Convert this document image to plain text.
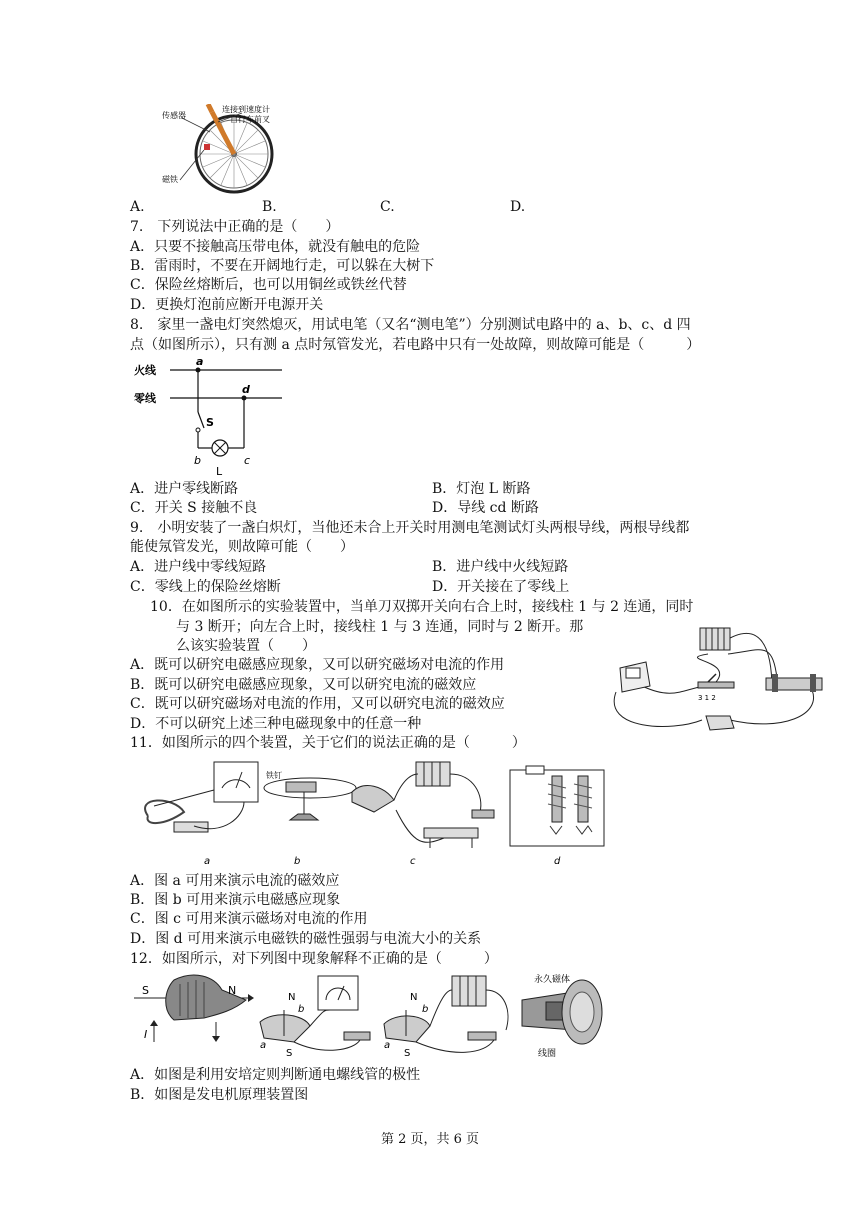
传感器
连接到速度计
自行车前叉
磁铁
A.	B.	C.	D.
7.　下列说法中正确的是（　　）
A．只要不接触高压带电体，就没有触电的危险
B．雷雨时，不要在开阔地行走，可以躲在大树下
C．保险丝熔断后，也可以用铜丝或铁丝代替
D．更换灯泡前应断开电源开关
8.　家里一盏电灯突然熄灭，用试电笔（又名“测电笔”）分别测试电路中的 a、b、c、d 四
点（如图所示），只有测 a 点时氖管发光，若电路中只有一处故障，则故障可能是（　　　）
火线
零线
a
d
S
b	c
L
A．进户零线断路	B．灯泡 L 断路
C．开关 S 接触不良	D．导线 cd 断路
9.　小明安装了一盏白炽灯，当他还未合上开关时用测电笔测试灯头两根导线，两根导线都
能使氖管发光，则故障可能（　　）
A．进户线中零线短路	B．进户线中火线短路
C．零线上的保险丝熔断	D．开关接在了零线上
10．在如图所示的实验装置中，当单刀双掷开关向右合上时，接线柱 1 与 2 连通，同时
与 3 断开；向左合上时，接线柱 1 与 3 连通，同时与 2 断开。那
么该实验装置（　　）
A．既可以研究电磁感应现象，又可以研究磁场对电流的作用
B．既可以研究电磁感应现象，又可以研究电流的磁效应
C．既可以研究磁场对电流的作用，又可以研究电流的磁效应
D．不可以研究上述三种电磁现象中的任意一种
3 1 2
11．如图所示的四个装置，关于它们的说法正确的是（　　　）
a
铁钉
b	c	d
A．图 a 可用来演示电流的磁效应
B．图 b 可用来演示电磁感应现象
C．图 c 可用来演示磁场对电流的作用
D．图 d 可用来演示电磁铁的磁性强弱与电流大小的关系
12．如图所示，对下列图中现象解释不正确的是（　　　）
S	N
I
N
b
a
S
N
b
a
S
永久磁体
线圈
A．如图是利用安培定则判断通电螺线管的极性
B．如图是发电机原理装置图
第 2 页，共 6 页
